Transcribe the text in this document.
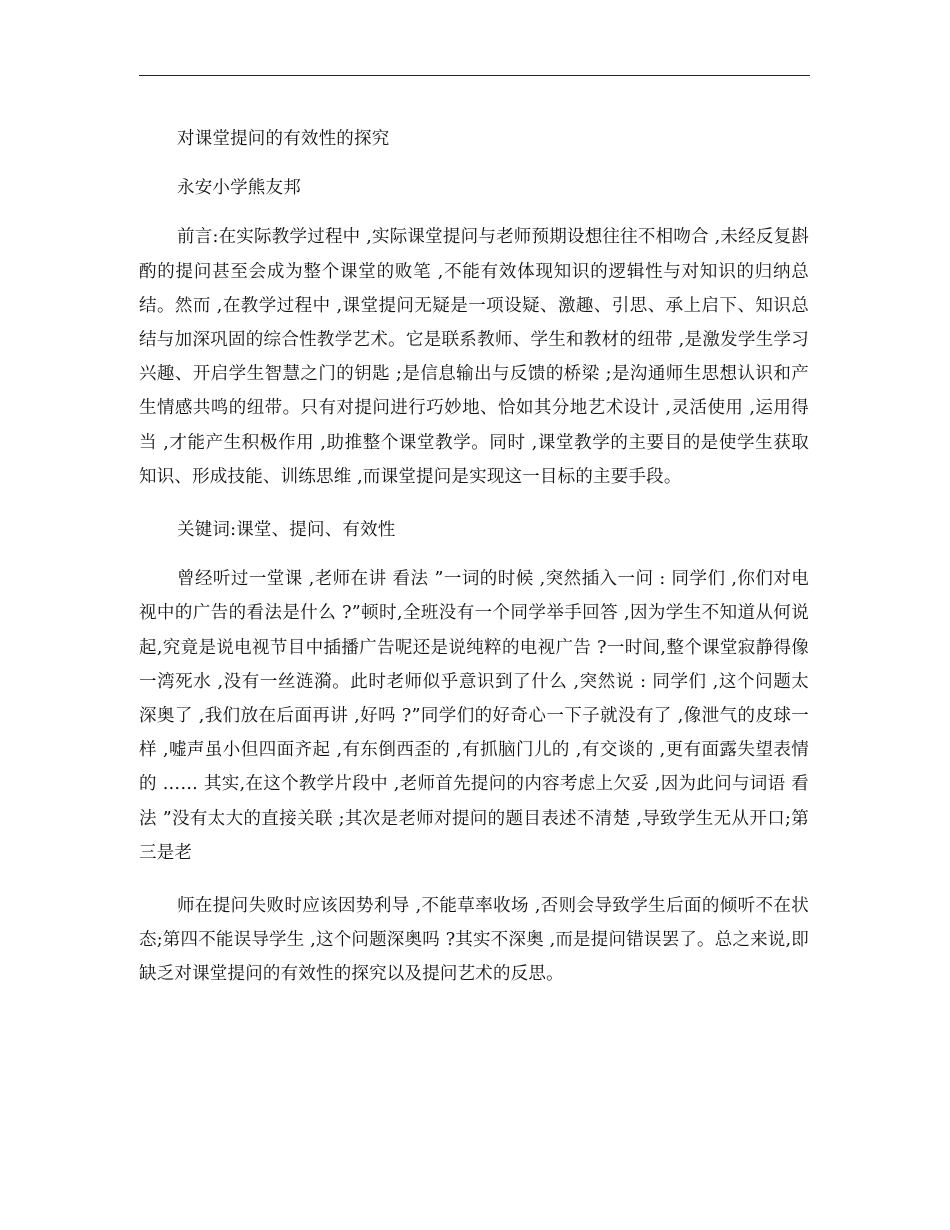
对课堂提问的有效性的探究

永安小学熊友邦

前言:在实际教学过程中 ,实际课堂提问与老师预期设想往往不相吻合 ,未经反复斟酌的提问甚至会成为整个课堂的败笔 ,不能有效体现知识的逻辑性与对知识的归纳总结。然而 ,在教学过程中 ,课堂提问无疑是一项设疑、激趣、引思、承上启下、知识总结与加深巩固的综合性教学艺术。它是联系教师、学生和教材的纽带 ,是激发学生学习兴趣、开启学生智慧之门的钥匙 ;是信息输出与反馈的桥梁 ;是沟通师生思想认识和产生情感共鸣的纽带。只有对提问进行巧妙地、恰如其分地艺术设计 ,灵活使用 ,运用得当 ,才能产生积极作用 ,助推整个课堂教学。同时 ,课堂教学的主要目的是使学生获取知识、形成技能、训练思维 ,而课堂提问是实现这一目标的主要手段。

关键词:课堂、提问、有效性

曾经听过一堂课 ,老师在讲 看法 ”一词的时候 ,突然插入一问 : 同学们 ,你们对电视中的广告的看法是什么 ?”顿时,全班没有一个同学举手回答 ,因为学生不知道从何说起,究竟是说电视节目中插播广告呢还是说纯粹的电视广告 ?一时间,整个课堂寂静得像一湾死水 ,没有一丝涟漪。此时老师似乎意识到了什么 ,突然说 : 同学们 ,这个问题太深奥了 ,我们放在后面再讲 ,好吗 ?”同学们的好奇心一下子就没有了 ,像泄气的皮球一样 ,嘘声虽小但四面齐起 ,有东倒西歪的 ,有抓脑门儿的 ,有交谈的 ,更有面露失望表情的 …… 其实,在这个教学片段中 ,老师首先提问的内容考虑上欠妥 ,因为此问与词语 看法 ”没有太大的直接关联 ;其次是老师对提问的题目表述不清楚 ,导致学生无从开口;第三是老

师在提问失败时应该因势利导 ,不能草率收场 ,否则会导致学生后面的倾听不在状态;第四不能误导学生 ,这个问题深奥吗 ?其实不深奥 ,而是提问错误罢了。总之来说,即缺乏对课堂提问的有效性的探究以及提问艺术的反思。
